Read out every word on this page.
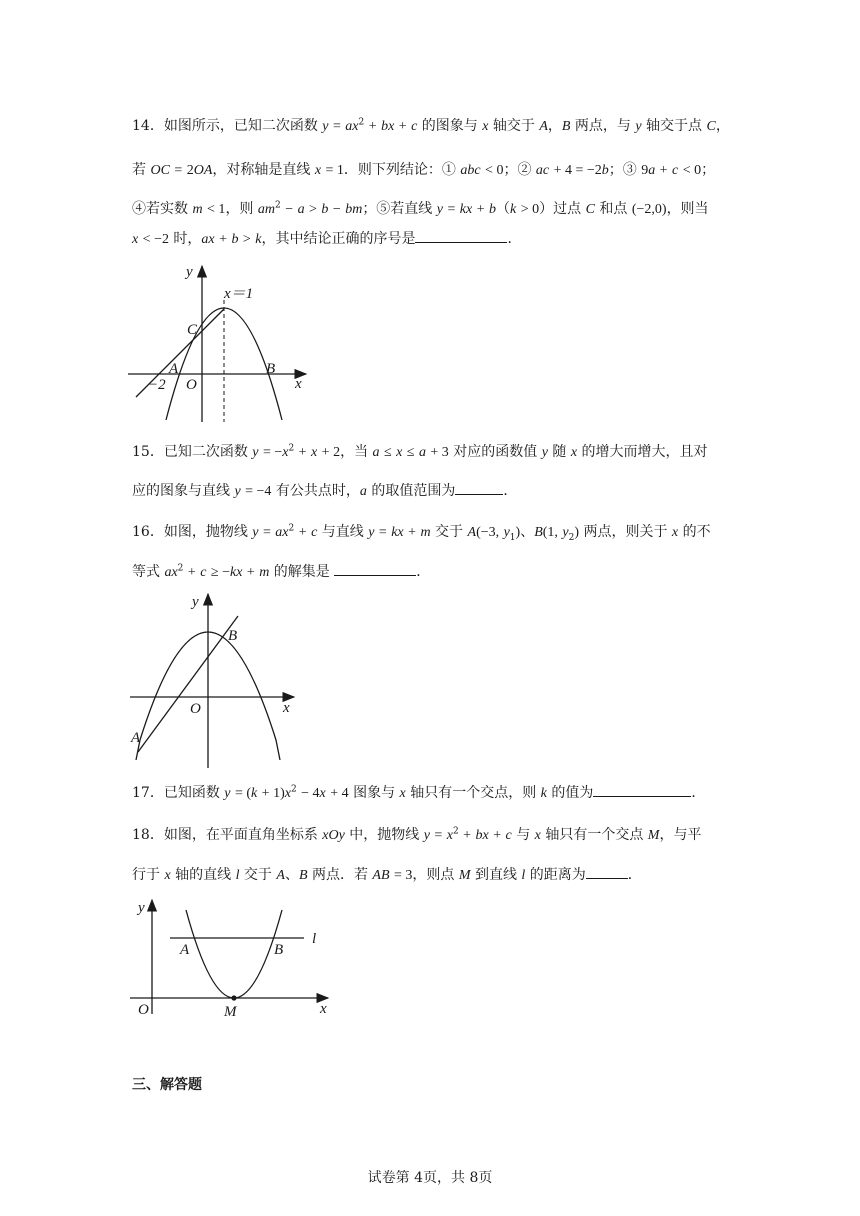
14．如图所示，已知二次函数 $y = ax^2$ + bx + c 的图象与 x 轴交于 A，B 两点，与 y 轴交于点 C，
若 OC = 2OA，对称轴是直线 x = 1．则下列结论：① abc < 0；② ac + 4 = −2b；③ 9a + c < 0；
④若实数 m < 1，则 $am^2 - a > b$ − bm；⑤若直线 y = kx + b（k > 0）过点 C 和点 (−2,0)，则当
x < −2 时，ax + b > k，其中结论正确的序号是	．
y
x
x＝1
C
A
−2 O
B
15．已知二次函数 $y = -x^2 + x + 2$，当 a ≤ x ≤ a + 3 对应的函数值 y 随 x 的增大而增大，且对
应的图象与直线 y = −4 有公共点时，a 的取值范围为	．
16．如图，抛物线 $y = ax^2 + c$ 与直线 y = kx + m 交于 A(−3, $y_1$)、B(1, $y_2$) 两点，则关于 x 的不
等式 $ax^2 + c \ge -kx + m$ 的解集是	．
y
x
B
O
A
17．已知函数 $y = (k + 1)x^2 - 4x + 4$ 图象与 x 轴只有一个交点，则 k 的值为	．
18．如图，在平面直角坐标系 xOy 中，抛物线 $y = x^2$ + bx + c 与 x 轴只有一个交点 M，与平
行于 x 轴的直线 l 交于 A、B 两点．若 AB = 3，则点 M 到直线 l 的距离为	．
y
x
l
A	B
O	M
三、解答题
试卷第 4页，共 8页
